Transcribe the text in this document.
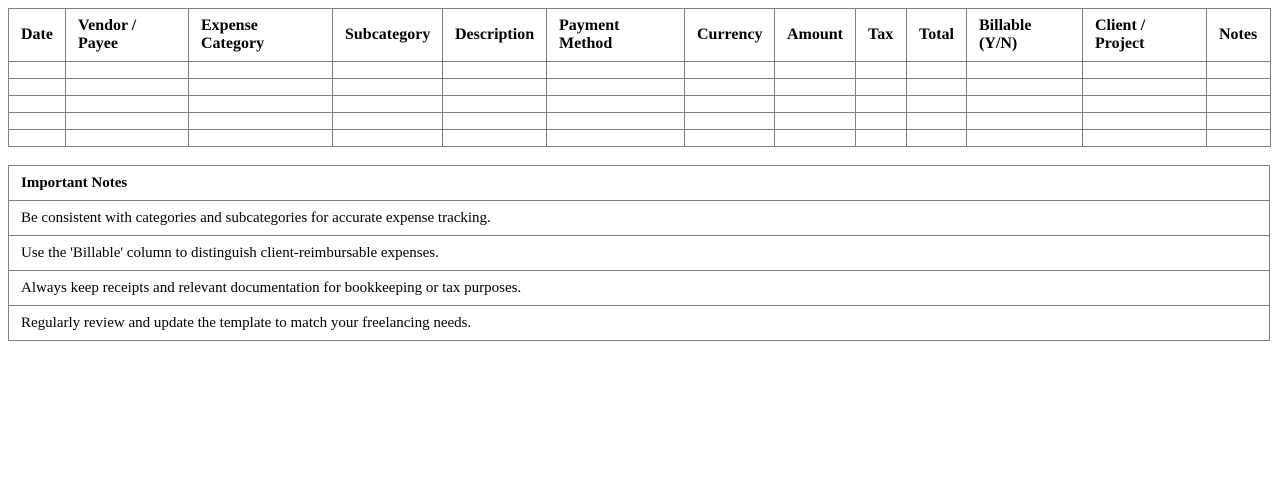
Date	Vendor / Payee	Expense Category	Subcategory	Description	Payment Method	Currency	Amount	Tax	Total	Billable (Y/N)	Client / Project	Notes

Important Notes
Be consistent with categories and subcategories for accurate expense tracking.
Use the 'Billable' column to distinguish client-reimbursable expenses.
Always keep receipts and relevant documentation for bookkeeping or tax purposes.
Regularly review and update the template to match your freelancing needs.
